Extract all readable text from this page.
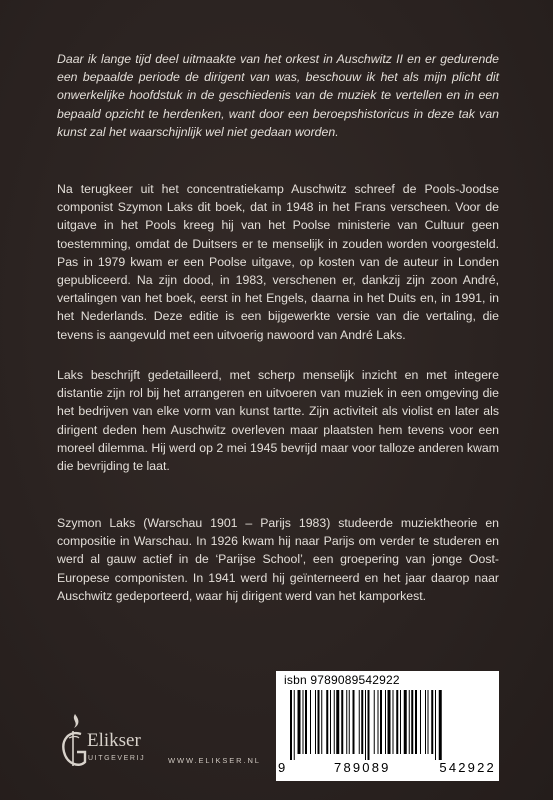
Daar ik lange tijd deel uitmaakte van het orkest in Auschwitz II en er gedurende een bepaalde periode de dirigent van was, beschouw ik het als mijn plicht dit onwerkelijke hoofdstuk in de geschiedenis van de muziek te vertellen en in een bepaald opzicht te herdenken, want door een beroepshistoricus in deze tak van kunst zal het waarschijnlijk wel niet gedaan worden.

Na terugkeer uit het concentratiekamp Auschwitz schreef de Pools-Joodse componist Szymon Laks dit boek, dat in 1948 in het Frans verscheen. Voor de uitgave in het Pools kreeg hij van het Poolse ministerie van Cultuur geen toestemming, omdat de Duitsers er te menselijk in zouden worden voorgesteld. Pas in 1979 kwam er een Poolse uitgave, op kosten van de auteur in Londen gepubliceerd. Na zijn dood, in 1983, verschenen er, dankzij zijn zoon André, vertalingen van het boek, eerst in het Engels, daarna in het Duits en, in 1991, in het Nederlands. Deze editie is een bijgewerkte versie van die vertaling, die tevens is aangevuld met een uitvoerig nawoord van André Laks.

Laks beschrijft gedetailleerd, met scherp menselijk inzicht en met integere distantie zijn rol bij het arrangeren en uitvoeren van muziek in een omgeving die het bedrijven van elke vorm van kunst tartte. Zijn activiteit als violist en later als dirigent deden hem Auschwitz overleven maar plaatsten hem tevens voor een moreel dilemma. Hij werd op 2 mei 1945 bevrijd maar voor talloze anderen kwam die bevrijding te laat.

Szymon Laks (Warschau 1901 – Parijs 1983) studeerde muziektheorie en compositie in Warschau. In 1926 kwam hij naar Parijs om verder te studeren en werd al gauw actief in de ‘Parijse School’, een groepering van jonge Oost-Europese componisten. In 1941 werd hij geïnterneerd en het jaar daarop naar Auschwitz gedeporteerd, waar hij dirigent werd van het kamporkest.

Elikser
UITGEVERIJ	WWW.ELIKSER.NL
isbn 9789089542922
9	789089	542922
